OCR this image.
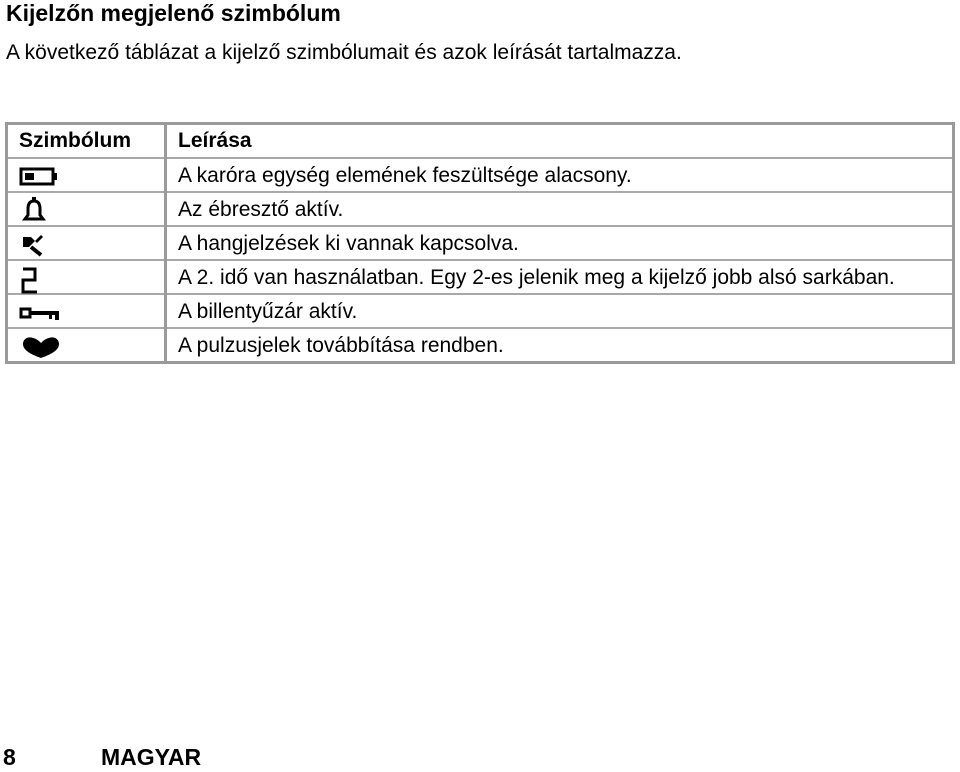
Kijelzőn megjelenő szimbólum
A következő táblázat a kijelző szimbólumait és azok leírását tartalmazza.
Szimbólum	Leírása

	A karóra egység elemének feszültsége alacsony.

	Az ébresztő aktív.

	A hangjelzések ki vannak kapcsolva.

	A 2. idő van használatban. Egy 2-es jelenik meg a kijelző jobb alsó sarkában.

	A billentyűzár aktív.

	A pulzusjelek továbbítása rendben.
8	MAGYAR
